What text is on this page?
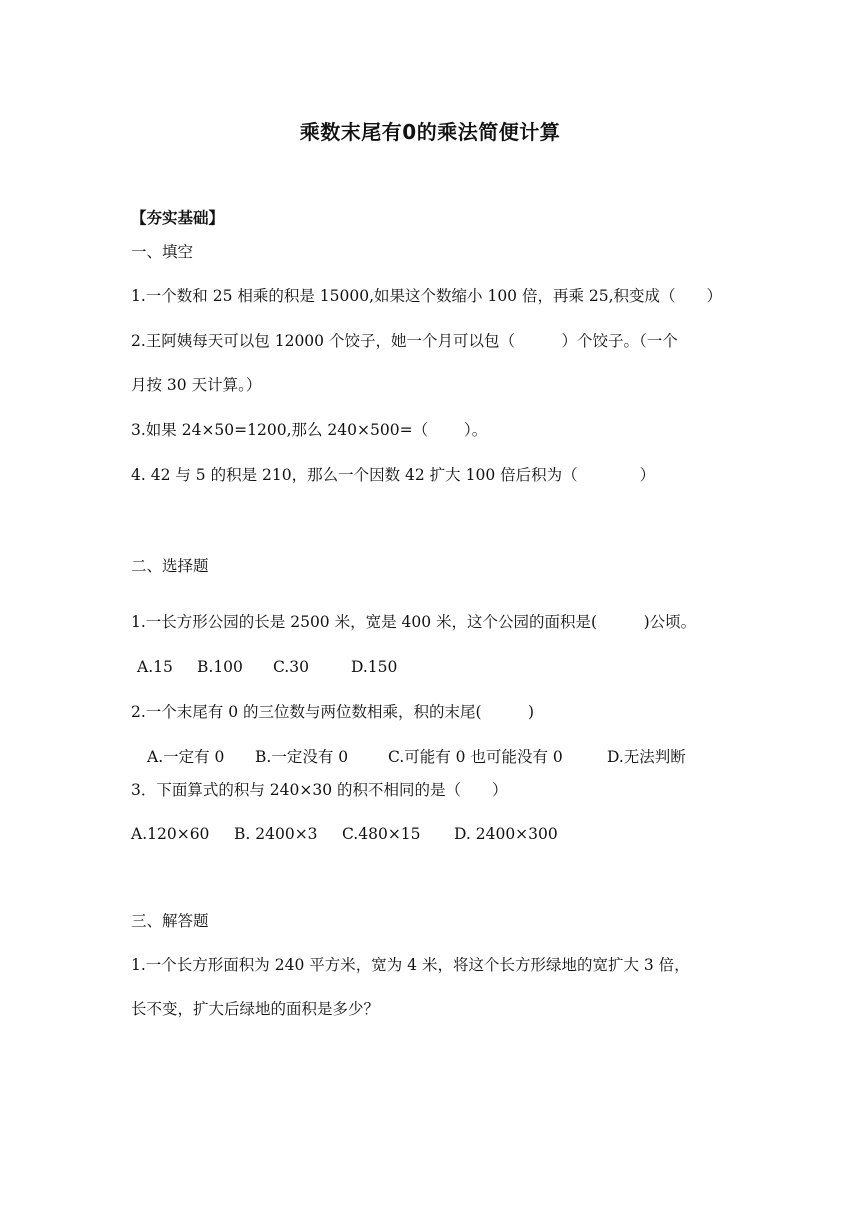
乘数末尾有0的乘法简便计算
【夯实基础】
一、填空
1.一个数和 25 相乘的积是 15000,如果这个数缩小 100 倍，再乘 25,积变成（　　）
2.王阿姨每天可以包 12000 个饺子，她一个月可以包（　　　）个饺子。（一个
月按 30 天计算。）
3.如果 24×50=1200,那么 240×500=（　　 ）。
4. 42 与 5 的积是 210，那么一个因数 42 扩大 100 倍后积为（　　　　）
二、选择题
1.一长方形公园的长是 2500 米，宽是 400 米，这个公园的面积是(　　　)公顷。
A.15 B.100 C.30	D.150
2.一个末尾有 0 的三位数与两位数相乘，积的末尾(　　　)
A.一定有 0 B.一定没有 0	C.可能有 0 也可能没有 0	D.无法判断
3．下面算式的积与 240×30 的积不相同的是（　　）
A.120×60 B. 2400×3 C.480×15 D. 2400×300
三、解答题
1.一个长方形面积为 240 平方米，宽为 4 米，将这个长方形绿地的宽扩大 3 倍，
长不变，扩大后绿地的面积是多少？
